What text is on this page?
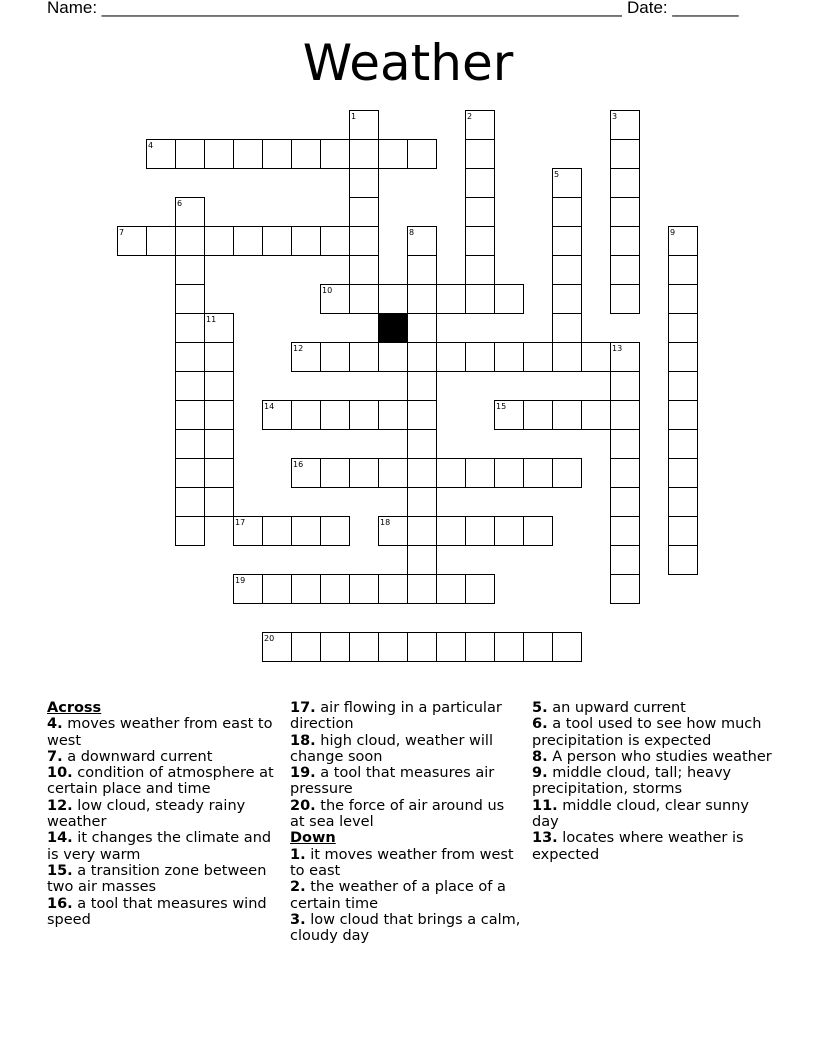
Name: _______________________________________________________ Date: _______
Weather
1	2	3
4
5
6
7	8	9
10
11
12	13
14	15
16
17	18
19
20
Across

4. moves weather from east to west

7. a downward current

10. condition of atmosphere at certain place and time

12. low cloud, steady rainy weather

14. it changes the climate and is very warm

15. a transition zone between two air masses

16. a tool that measures wind speed

17. air flowing in a particular direction

18. high cloud, weather will change soon

19. a tool that measures air pressure

20. the force of air around us at sea level

Down

1. it moves weather from west to east

2. the weather of a place of a certain time

3. low cloud that brings a calm, cloudy day

5. an upward current

6. a tool used to see how much precipitation is expected

8. A person who studies weather

9. middle cloud, tall; heavy precipitation, storms

11. middle cloud, clear sunny day

13. locates where weather is expected
